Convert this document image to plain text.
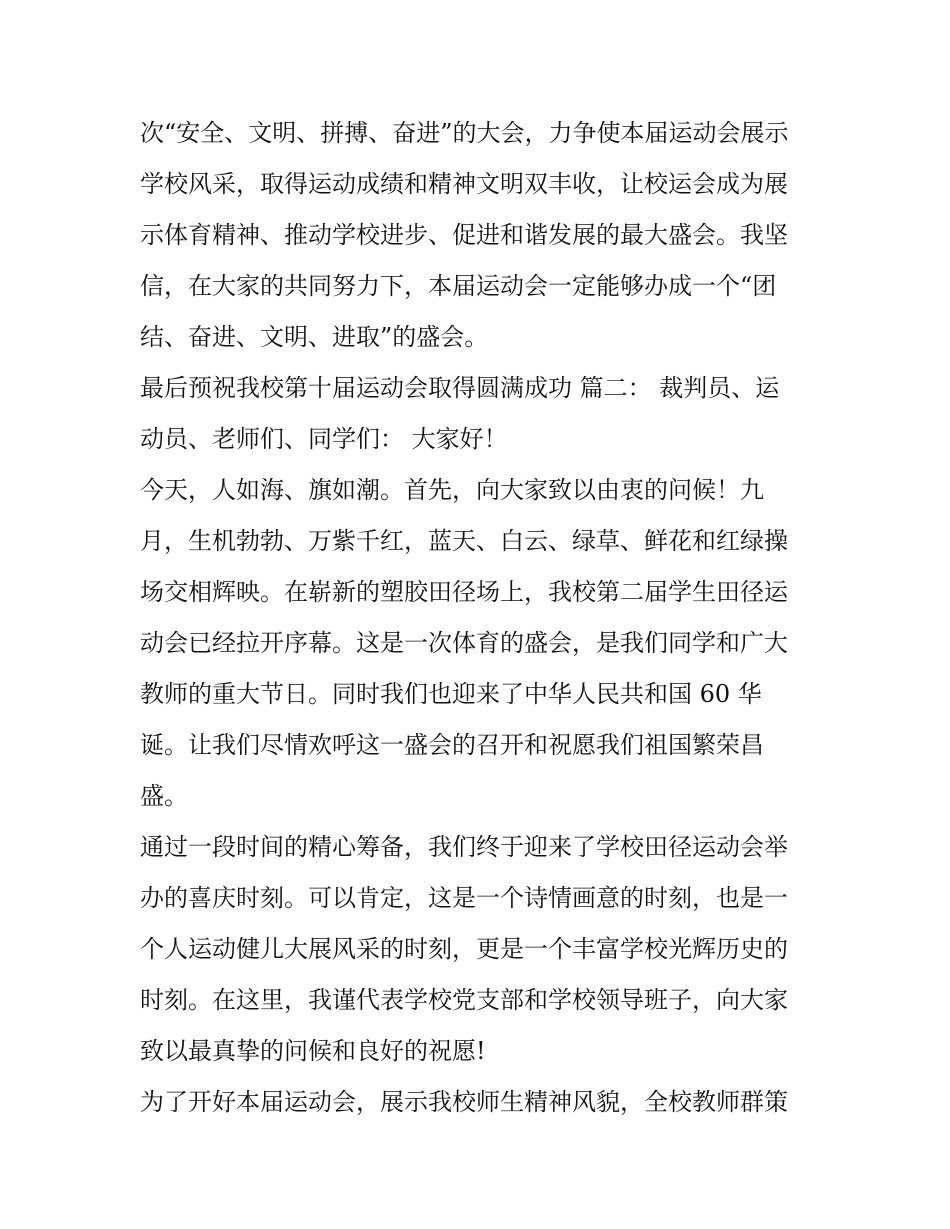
次“安全、文明、拼搏、奋进”的大会，力争使本届运动会展示
学校风采，取得运动成绩和精神文明双丰收，让校运会成为展
示体育精神、推动学校进步、促进和谐发展的最大盛会。我坚
信，在大家的共同努力下，本届运动会一定能够办成一个“团
结、奋进、文明、进取”的盛会。
最后预祝我校第十届运动会取得圆满成功 篇二： 裁判员、运
动员、老师们、同学们： 大家好！
今天，人如海、旗如潮。首先，向大家致以由衷的问候！九
月，生机勃勃、万紫千红，蓝天、白云、绿草、鲜花和红绿操
场交相辉映。在崭新的塑胶田径场上，我校第二届学生田径运
动会已经拉开序幕。这是一次体育的盛会，是我们同学和广大
教师的重大节日。同时我们也迎来了中华人民共和国 60 华
诞。让我们尽情欢呼这一盛会的召开和祝愿我们祖国繁荣昌
盛。
通过一段时间的精心筹备，我们终于迎来了学校田径运动会举
办的喜庆时刻。可以肯定，这是一个诗情画意的时刻，也是一
个人运动健儿大展风采的时刻，更是一个丰富学校光辉历史的
时刻。在这里，我谨代表学校党支部和学校领导班子，向大家
致以最真挚的问候和良好的祝愿!
为了开好本届运动会，展示我校师生精神风貌，全校教师群策
